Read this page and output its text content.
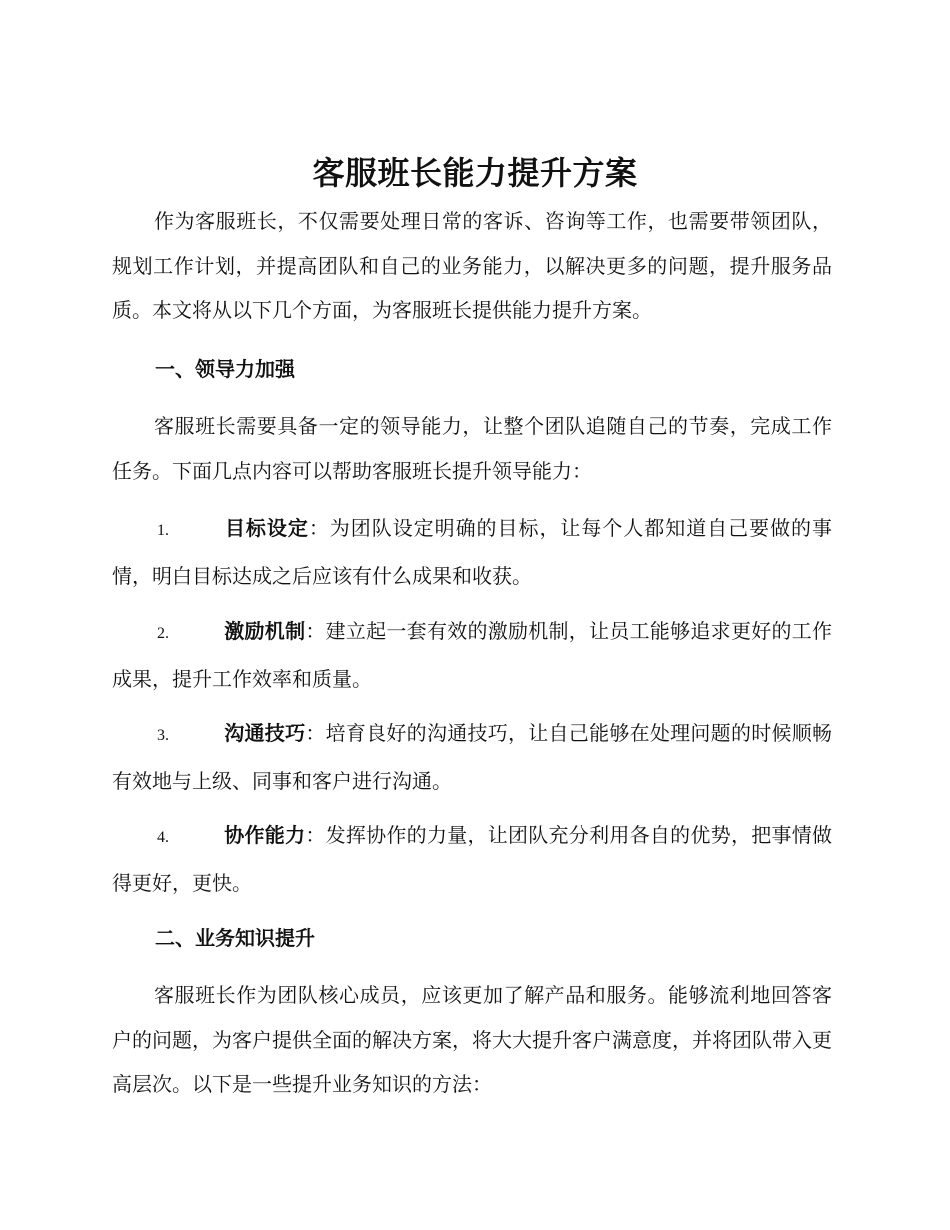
客服班长能力提升方案

作为客服班长，不仅需要处理日常的客诉、咨询等工作，也需要带领团队，规划工作计划，并提高团队和自己的业务能力，以解决更多的问题，提升服务品质。本文将从以下几个方面，为客服班长提供能力提升方案。

一、领导力加强

客服班长需要具备一定的领导能力，让整个团队追随自己的节奏，完成工作任务。下面几点内容可以帮助客服班长提升领导能力：

1.	目标设定：为团队设定明确的目标，让每个人都知道自己要做的事情，明白目标达成之后应该有什么成果和收获。

2.	激励机制：建立起一套有效的激励机制，让员工能够追求更好的工作成果，提升工作效率和质量。

3.	沟通技巧：培育良好的沟通技巧，让自己能够在处理问题的时候顺畅有效地与上级、同事和客户进行沟通。

4.	协作能力：发挥协作的力量，让团队充分利用各自的优势，把事情做得更好，更快。

二、业务知识提升

客服班长作为团队核心成员，应该更加了解产品和服务。能够流利地回答客户的问题，为客户提供全面的解决方案，将大大提升客户满意度，并将团队带入更高层次。以下是一些提升业务知识的方法：
